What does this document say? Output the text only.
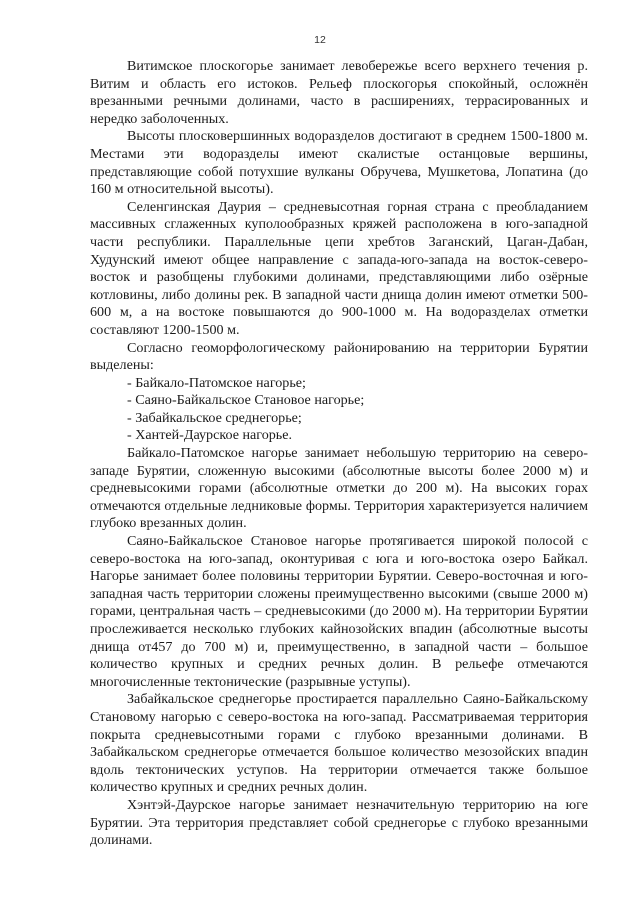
12

Витимское плоскогорье занимает левобережье всего верхнего течения р. Витим и область его истоков. Рельеф плоскогорья спокойный, осложнён врезанными речными долинами, часто в расширениях, террасированных и нередко заболоченных.

Высоты плосковершинных водоразделов достигают в среднем 1500-1800 м. Местами эти водоразделы имеют скалистые останцовые вершины, представляющие собой потухшие вулканы Обручева, Мушкетова, Лопатина (до 160 м относительной высоты).

Селенгинская Даурия – средневысотная горная страна с преобладанием массивных сглаженных куполообразных кряжей расположена в юго-западной части республики. Параллельные цепи хребтов Заганский, Цаган-Дабан, Худунский имеют общее направление с запада-юго-запада на восток-северо-восток и разобщены глубокими долинами, представляющими либо озёрные котловины, либо долины рек. В западной части днища долин имеют отметки 500-600 м, а на востоке повышаются до 900-1000 м. На водоразделах отметки составляют 1200-1500 м.

Согласно геоморфологическому районированию на территории Бурятии выделены:

- Байкало-Патомское нагорье;
- Саяно-Байкальское Становое нагорье;
- Забайкальское среднегорье;
- Хантей-Даурское нагорье.

Байкало-Патомское нагорье занимает небольшую территорию на северо-западе Бурятии, сложенную высокими (абсолютные высоты более 2000 м) и средневысокими горами (абсолютные отметки до 200 м). На высоких горах отмечаются отдельные ледниковые формы. Территория характеризуется наличием глубоко врезанных долин.

Саяно-Байкальское Становое нагорье протягивается широкой полосой с северо-востока на юго-запад, оконтуривая с юга и юго-востока озеро Байкал. Нагорье занимает более половины территории Бурятии. Северо-восточная и юго-западная часть территории сложены преимущественно высокими (свыше 2000 м) горами, центральная часть – средневысокими (до 2000 м). На территории Бурятии прослеживается несколько глубоких кайнозойских впадин (абсолютные высоты днища от457 до 700 м) и, преимущественно, в западной части – большое количество крупных и средних речных долин. В рельефе отмечаются многочисленные тектонические (разрывные уступы).

Забайкальское среднегорье простирается параллельно Саяно-Байкальскому Становому нагорью с северо-востока на юго-запад. Рассматриваемая территория покрыта средневысотными горами с глубоко врезанными долинами. В Забайкальском среднегорье отмечается большое количество мезозойских впадин вдоль тектонических уступов. На территории отмечается также большое количество крупных и средних речных долин.

Хэнтэй-Даурское нагорье занимает незначительную территорию на юге Бурятии. Эта территория представляет собой среднегорье с глубоко врезанными долинами.
